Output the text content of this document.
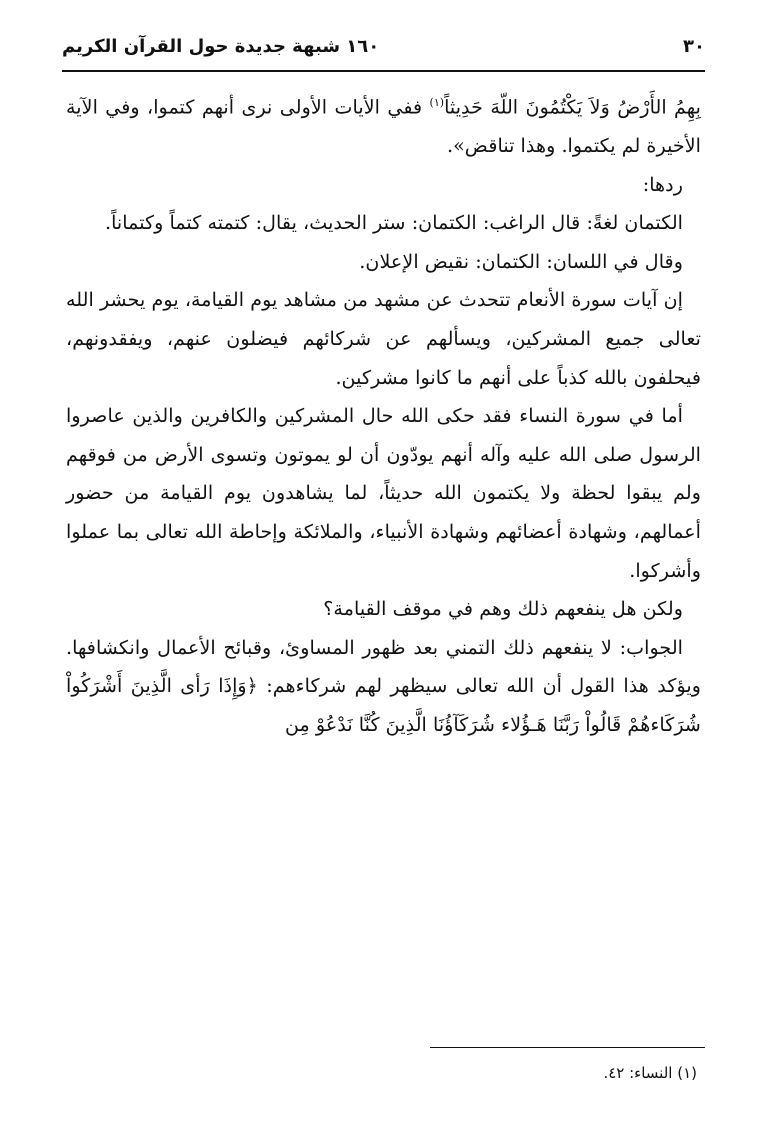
٣٠
١٦٠ شبهة جديدة حول القرآن الكريم

بِهِمُ الأَرْضُ وَلاَ يَكْتُمُونَ اللّهَ حَدِيثاً$^{(١)}$ ففي الأيات الأولى نرى أنهم كتموا، وفي الآية الأخيرة لم يكتموا. وهذا تناقض».

ردها:

الكتمان لغةً: قال الراغب: الكتمان: ستر الحديث، يقال: كتمته كتماً وكتماناً.

وقال في اللسان: الكتمان: نقيض الإعلان.

إن آيات سورة الأنعام تتحدث عن مشهد من مشاهد يوم القيامة، يوم يحشر الله تعالى جميع المشركين، ويسألهم عن شركائهم فيضلون عنهم، ويفقدونهم، فيحلفون بالله كذباً على أنهم ما كانوا مشركين.

أما في سورة النساء فقد حكى الله حال المشركين والكافرين والذين عاصروا الرسول صلى الله عليه وآله أنهم يودّون أن لو يموتون وتسوى الأرض من فوقهم ولم يبقوا لحظة ولا يكتمون الله حديثاً، لما يشاهدون يوم القيامة من حضور أعمالهم، وشهادة أعضائهم وشهادة الأنبياء، والملائكة وإحاطة الله تعالى بما عملوا وأشركوا.

ولكن هل ينفعهم ذلك وهم في موقف القيامة؟

الجواب: لا ينفعهم ذلك التمني بعد ظهور المساوئ، وقبائح الأعمال وانكشافها. ويؤكد هذا القول أن الله تعالى سيظهر لهم شركاءهم: ﴿وَإِذَا رَأى الَّذِينَ أَشْرَكُواْ شُرَكَاءهُمْ قَالُواْ رَبَّنَا هَـؤُلاء شُرَكَآؤُنَا الَّذِينَ كُنَّا نَدْعُوْ مِن

(١) النساء: ٤٢.
